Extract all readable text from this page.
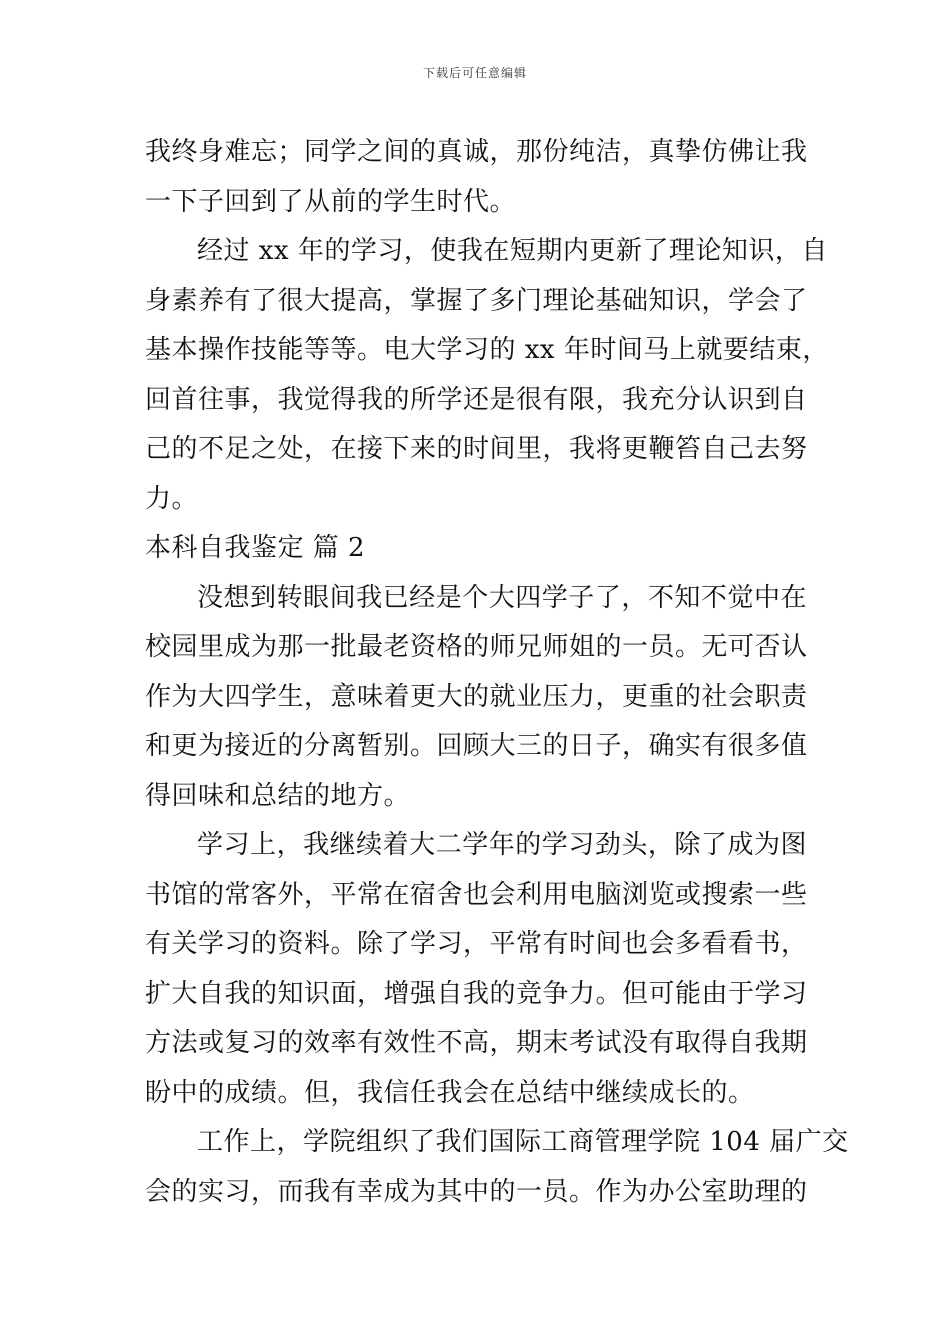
下载后可任意编辑
我终身难忘；同学之间的真诚，那份纯洁，真挚仿佛让我
一下子回到了从前的学生时代。
经过 xx 年的学习，使我在短期内更新了理论知识，自
身素养有了很大提高，掌握了多门理论基础知识，学会了
基本操作技能等等。电大学习的 xx 年时间马上就要结束，
回首往事，我觉得我的所学还是很有限，我充分认识到自
己的不足之处，在接下来的时间里，我将更鞭笞自己去努
力。
本科自我鉴定 篇 2
没想到转眼间我已经是个大四学子了，不知不觉中在
校园里成为那一批最老资格的师兄师姐的一员。无可否认
作为大四学生，意味着更大的就业压力，更重的社会职责
和更为接近的分离暂别。回顾大三的日子，确实有很多值
得回味和总结的地方。
学习上，我继续着大二学年的学习劲头，除了成为图
书馆的常客外，平常在宿舍也会利用电脑浏览或搜索一些
有关学习的资料。除了学习，平常有时间也会多看看书，
扩大自我的知识面，增强自我的竞争力。但可能由于学习
方法或复习的效率有效性不高，期末考试没有取得自我期
盼中的成绩。但，我信任我会在总结中继续成长的。
工作上，学院组织了我们国际工商管理学院 104 届广交
会的实习，而我有幸成为其中的一员。作为办公室助理的
